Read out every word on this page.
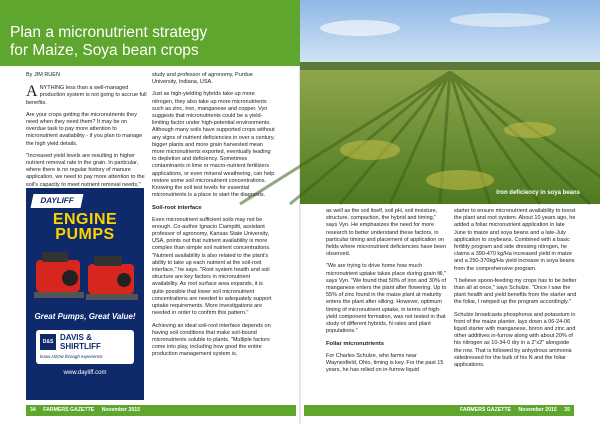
Plan a micronutrient strategy
for Maize, Soya bean crops
Iron deficiency in soya beans
By JIM RUEN

ANYTHING less than a well-managed production system is not going to accrue full benefits.

Are your crops getting the micronutrients they need when they need them? It may be on overdue task to pay more attention to micronutrient availability - if you plan to manage the high yield details.

"Increased yield levels are resulting in higher nutrient removal rate in the grain. In particular, where there is no regular history of manure application, we need to pay more attention to the soil's capacity to meet nutrient removal needs,"

DAYLIFF
ENGINE
PUMPS
Great Pumps, Great Value!
D&S DAVIS & SHIRTLIFF
know H2Ow through experience
www.dayliff.com

study and professor of agronomy, Purdue University, Indiana, USA.

Just as high-yielding hybrids take up more nitrogen, they also take up more micronutrients such as zinc, iron, manganese and copper. Vyn suggests that micronutrients could be a yield-limiting factor under high-potential environments. Although many soils have supported crops without any signs of nutrient deficiencies in over a century, bigger plants and more grain harvested mean more micronutrients exported, eventually leading to depletion and deficiency. Sometimes contaminants in lime or macro-nutrient fertilizers applications, or even mineral weathering, can help restore some soil micronutrient concentrations. Knowing the soil test levels for essential micronutrients is a place to start the diagnosis.

Soil-root interface

Even micronutrient sufficient soils may not be enough. Co-author Ignacio Ciampitti, assistant professor of agronomy, Kansas State University, USA, points out that nutrient availability is more complex than simple soil nutrient concentrations. "Nutrient availability is also related to the plant's ability to take up each nutrient at the soil-root interface," he says. "Root system health and soil structure are key factors in micronutrient availability. As root surface area expands, it is quite possible that lower soil micronutrient concentrations are needed to adequately support uptake requirements. More investigations are needed in order to confirm this pattern."

Achieving an ideal soil-root interface depends on having soil conditions that make soil-bound micronutrients soluble to plants. "Multiple factors come into play, including how good the entire production management system is,

as well as the soil itself, soil pH, soil moisture, structure, compaction, the hybrid and timing," says Vyn. He emphasizes the need for more research to better understand these factors, in particular timing and placement of application on fields where micronutrient deficiencies have been observed.

"We are trying to drive home how much micronutrient uptake takes place during grain fill," says Vyn. "We found that 50% of iron and 30% of manganese enters the plant after flowering. Up to 55% of zinc found in the maize plant at maturity enters the plant after silking. However, optimum timing of micronutrient uptake, in terms of high-yield component formation, was not tested in that study of different hybrids, N rates and plant populations."

Foliar micronutrients

For Charles Schulze, who farms near Waynesfield, Ohio, timing is key. For the past 15 years, he has relied on in-furrow liquid

starter to ensure micronutrient availability to boost the plant and root system. About 10 years ago, he added a foliar micronutrient application in late June to maize and soya beans and a late-July application to soybeans. Combined with a basic fertility program and side dressing nitrogen, he claims a 390-470 kg/Ha increased yield in maize and a 250-370kg/Ha yield increase in soya beans from the comprehensive program.

"I believe spoon-feeding my crops has to be better than all at once," says Schulze. "Once I saw the plant health and yield benefits from the starter and the foliar, I ramped up the program accordingly."

Schulze broadcasts phosphorus and potassium in front of the maize planter, lays down a 06-24-06 liquid starter with manganese, boron and zinc and other additives in-furrow along with about 20% of his nitrogen as 10-34-0 dry in a 2"x2" alongside the row. That is followed by anhydrous ammonia sidedressed for the bulk of his N and the foliar applications.

34 FARMERS GAZETTE November 2015	FARMERS GAZETTE November 2015 35
